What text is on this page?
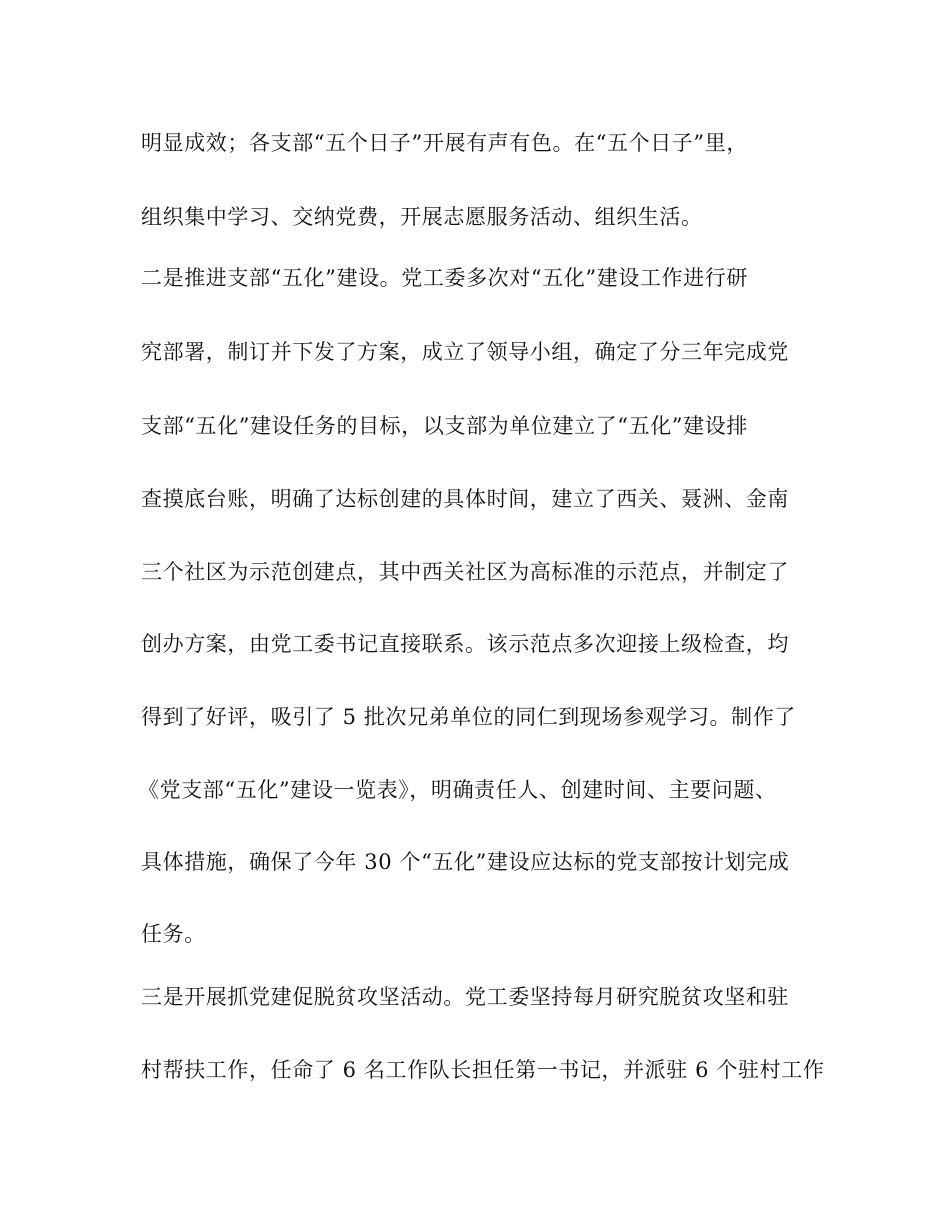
明显成效；各支部“五个日子”开展有声有色。在“五个日子”里，
组织集中学习、交纳党费，开展志愿服务活动、组织生活。
二是推进支部“五化”建设。党工委多次对“五化”建设工作进行研
究部署，制订并下发了方案，成立了领导小组，确定了分三年完成党
支部“五化”建设任务的目标，以支部为单位建立了“五化”建设排
查摸底台账，明确了达标创建的具体时间，建立了西关、聂洲、金南
三个社区为示范创建点，其中西关社区为高标准的示范点，并制定了
创办方案，由党工委书记直接联系。该示范点多次迎接上级检查，均
得到了好评，吸引了 5 批次兄弟单位的同仁到现场参观学习。制作了
《党支部“五化”建设一览表》，明确责任人、创建时间、主要问题、
具体措施，确保了今年 30 个“五化”建设应达标的党支部按计划完成
任务。
三是开展抓党建促脱贫攻坚活动。党工委坚持每月研究脱贫攻坚和驻
村帮扶工作，任命了 6 名工作队长担任第一书记，并派驻 6 个驻村工作
